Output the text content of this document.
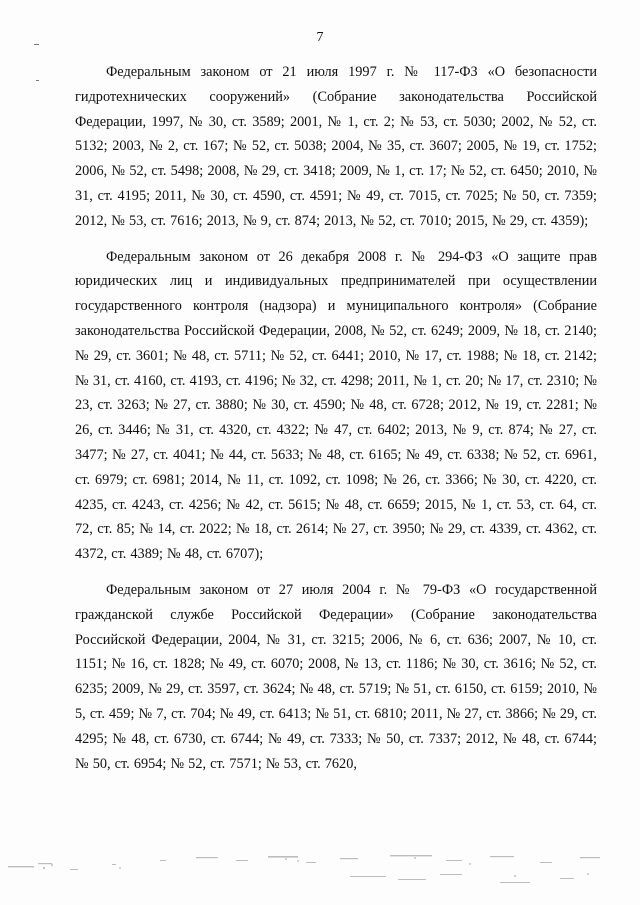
7

Федеральным законом от 21 июля 1997 г. № 117-ФЗ «О безопасности гидротехнических сооружений» (Собрание законодательства Российской Федерации, 1997, № 30, ст. 3589; 2001, № 1, ст. 2; № 53, ст. 5030; 2002, № 52, ст. 5132; 2003, № 2, ст. 167; № 52, ст. 5038; 2004, № 35, ст. 3607; 2005, № 19, ст. 1752; 2006, № 52, ст. 5498; 2008, № 29, ст. 3418; 2009, № 1, ст. 17; № 52, ст. 6450; 2010, № 31, ст. 4195; 2011, № 30, ст. 4590, ст. 4591; № 49, ст. 7015, ст. 7025; № 50, ст. 7359; 2012, № 53, ст. 7616; 2013, № 9, ст. 874; 2013, № 52, ст. 7010; 2015, № 29, ст. 4359);

Федеральным законом от 26 декабря 2008 г. № 294-ФЗ «О защите прав юридических лиц и индивидуальных предпринимателей при осуществлении государственного контроля (надзора) и муниципального контроля» (Собрание законодательства Российской Федерации, 2008, № 52, ст. 6249; 2009, № 18, ст. 2140; № 29, ст. 3601; № 48, ст. 5711; № 52, ст. 6441; 2010, № 17, ст. 1988; № 18, ст. 2142; № 31, ст. 4160, ст. 4193, ст. 4196; № 32, ст. 4298; 2011, № 1, ст. 20; № 17, ст. 2310; № 23, ст. 3263; № 27, ст. 3880; № 30, ст. 4590; № 48, ст. 6728; 2012, № 19, ст. 2281; № 26, ст. 3446; № 31, ст. 4320, ст. 4322; № 47, ст. 6402; 2013, № 9, ст. 874; № 27, ст. 3477; № 27, ст. 4041; № 44, ст. 5633; № 48, ст. 6165; № 49, ст. 6338; № 52, ст. 6961, ст. 6979; ст. 6981; 2014, № 11, ст. 1092, ст. 1098; № 26, ст. 3366; № 30, ст. 4220, ст. 4235, ст. 4243, ст. 4256; № 42, ст. 5615; № 48, ст. 6659; 2015, № 1, ст. 53, ст. 64, ст. 72, ст. 85; № 14, ст. 2022; № 18, ст. 2614; № 27, ст. 3950; № 29, ст. 4339, ст. 4362, ст. 4372, ст. 4389; № 48, ст. 6707);

Федеральным законом от 27 июля 2004 г. № 79-ФЗ «О государственной гражданской службе Российской Федерации» (Собрание законодательства Российской Федерации, 2004, № 31, ст. 3215; 2006, № 6, ст. 636; 2007, № 10, ст. 1151; № 16, ст. 1828; № 49, ст. 6070; 2008, № 13, ст. 1186; № 30, ст. 3616; № 52, ст. 6235; 2009, № 29, ст. 3597, ст. 3624; № 48, ст. 5719; № 51, ст. 6150, ст. 6159; 2010, № 5, ст. 459; № 7, ст. 704; № 49, ст. 6413; № 51, ст. 6810; 2011, № 27, ст. 3866; № 29, ст. 4295; № 48, ст. 6730, ст. 6744; № 49, ст. 7333; № 50, ст. 7337; 2012, № 48, ст. 6744; № 50, ст. 6954; № 52, ст. 7571; № 53, ст. 7620,
